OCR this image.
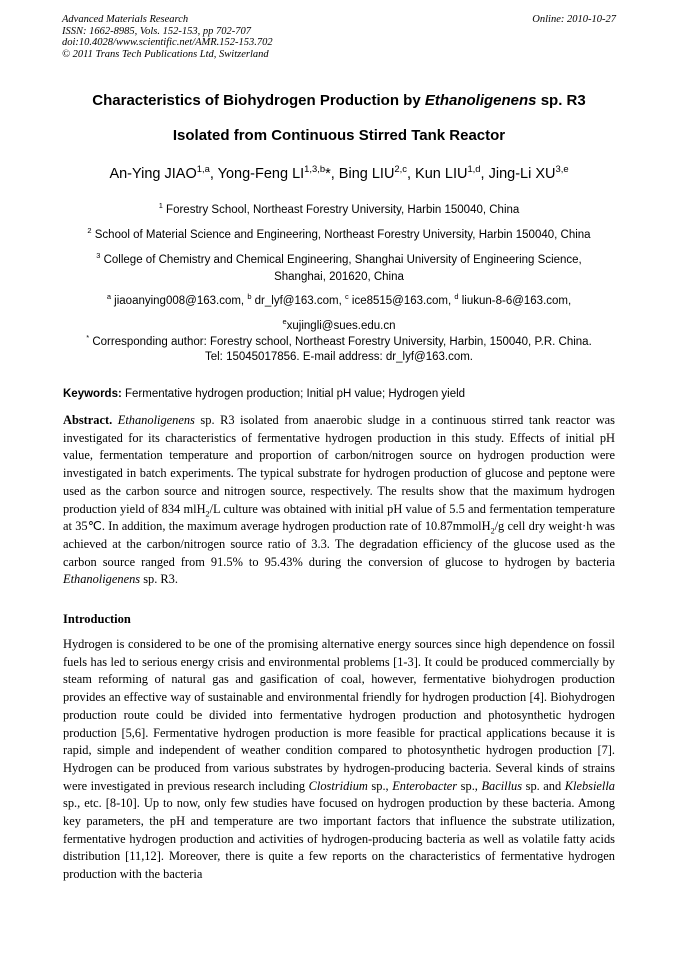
Advanced Materials Research
ISSN: 1662-8985, Vols. 152-153, pp 702-707
doi:10.4028/www.scientific.net/AMR.152-153.702
© 2011 Trans Tech Publications Ltd, Switzerland
Online: 2010-10-27
Characteristics of Biohydrogen Production by Ethanoligenens sp. R3
Isolated from Continuous Stirred Tank Reactor
An-Ying JIAO$^{1,a}$, Yong-Feng LI$^{1,3,b}$*, Bing LIU$^{2,c}$, Kun LIU$^{1,d}$, Jing-Li XU$^{3,e}$
$^1$ Forestry School, Northeast Forestry University, Harbin 150040, China
$^2$ School of Material Science and Engineering, Northeast Forestry University, Harbin 150040, China
$^3$ College of Chemistry and Chemical Engineering, Shanghai University of Engineering Science,
Shanghai, 201620, China
$^a$ jiaoanying008@163.com, $^b$ dr_lyf@163.com, $^c$ ice8515@163.com, $^d$ liukun-8-6@163.com,
$^e$xujingli@sues.edu.cn
* Corresponding author: Forestry school, Northeast Forestry University, Harbin, 150040, P.R. China.
Tel: 15045017856. E-mail address: dr_lyf@163.com.
Keywords: Fermentative hydrogen production; Initial pH value; Hydrogen yield
Abstract. Ethanoligenens sp. R3 isolated from anaerobic sludge in a continuous stirred tank reactor was investigated for its characteristics of fermentative hydrogen production in this study. Effects of initial pH value, fermentation temperature and proportion of carbon/nitrogen source on hydrogen production were investigated in batch experiments. The typical substrate for hydrogen production of glucose and peptone were used as the carbon source and nitrogen source, respectively. The results show that the maximum hydrogen production yield of 834 mlH$_2$/L culture was obtained with initial pH value of 5.5 and fermentation temperature at 35℃. In addition, the maximum average hydrogen production rate of 10.87mmolH$_2$/g cell dry weight·h was achieved at the carbon/nitrogen source ratio of 3.3. The degradation efficiency of the glucose used as the carbon source ranged from 91.5% to 95.43% during the conversion of glucose to hydrogen by bacteria Ethanoligenens sp. R3.
Introduction
Hydrogen is considered to be one of the promising alternative energy sources since high dependence on fossil fuels has led to serious energy crisis and environmental problems [1-3]. It could be produced commercially by steam reforming of natural gas and gasification of coal, however, fermentative biohydrogen production provides an effective way of sustainable and environmental friendly for hydrogen production [4]. Biohydrogen production route could be divided into fermentative hydrogen production and photosynthetic hydrogen production [5,6]. Fermentative hydrogen production is more feasible for practical applications because it is rapid, simple and independent of weather condition compared to photosynthetic hydrogen production [7]. Hydrogen can be produced from various substrates by hydrogen-producing bacteria. Several kinds of strains were investigated in previous research including Clostridium sp., Enterobacter sp., Bacillus sp. and Klebsiella sp., etc. [8-10]. Up to now, only few studies have focused on hydrogen production by these bacteria. Among key parameters, the pH and temperature are two important factors that influence the substrate utilization, fermentative hydrogen production and activities of hydrogen-producing bacteria as well as volatile fatty acids distribution [11,12]. Moreover, there is quite a few reports on the characteristics of fermentative hydrogen production with the bacteria
